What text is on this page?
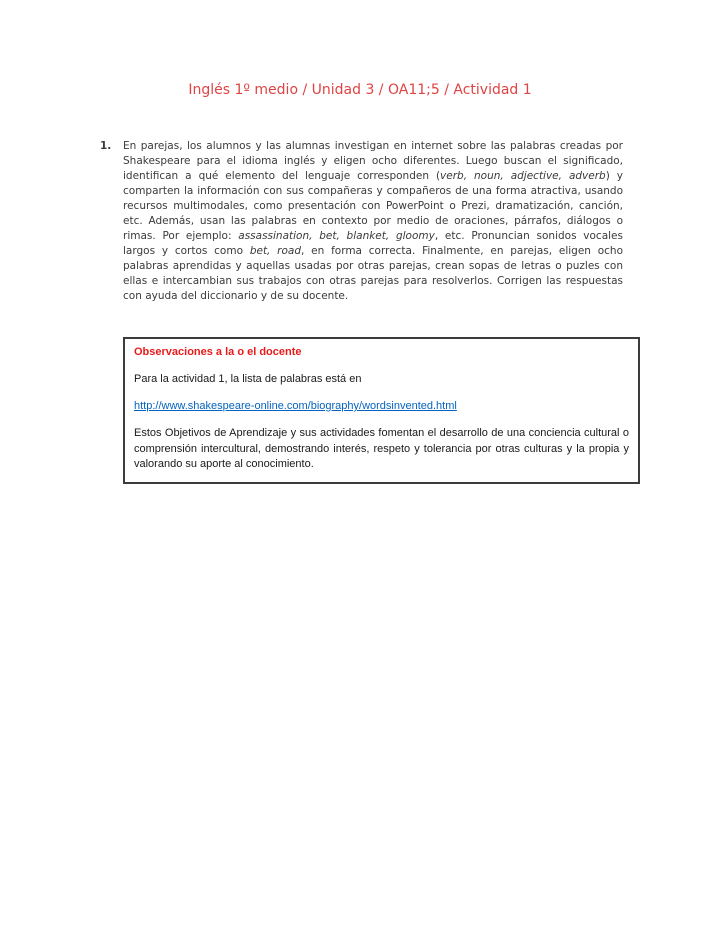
Inglés 1º medio / Unidad 3 / OA11;5 / Actividad 1
1.	En parejas, los alumnos y las alumnas investigan en internet sobre las palabras creadas por Shakespeare para el idioma inglés y eligen ocho diferentes. Luego buscan el significado, identifican a qué elemento del lenguaje corresponden (verb, noun, adjective, adverb) y comparten la información con sus compañeras y compañeros de una forma atractiva, usando recursos multimodales, como presentación con PowerPoint o Prezi, dramatización, canción, etc. Además, usan las palabras en contexto por medio de oraciones, párrafos, diálogos o rimas. Por ejemplo: assassination, bet, blanket, gloomy, etc. Pronuncian sonidos vocales largos y cortos como bet, road, en forma correcta. Finalmente, en parejas, eligen ocho palabras aprendidas y aquellas usadas por otras parejas, crean sopas de letras o puzles con ellas e intercambian sus trabajos con otras parejas para resolverlos. Corrigen las respuestas con ayuda del diccionario y de su docente.
Observaciones a la o el docente
Para la actividad 1, la lista de palabras está en
http://www.shakespeare-online.com/biography/wordsinvented.html
Estos Objetivos de Aprendizaje y sus actividades fomentan el desarrollo de una conciencia cultural o comprensión intercultural, demostrando interés, respeto y tolerancia por otras culturas y la propia y valorando su aporte al conocimiento.
